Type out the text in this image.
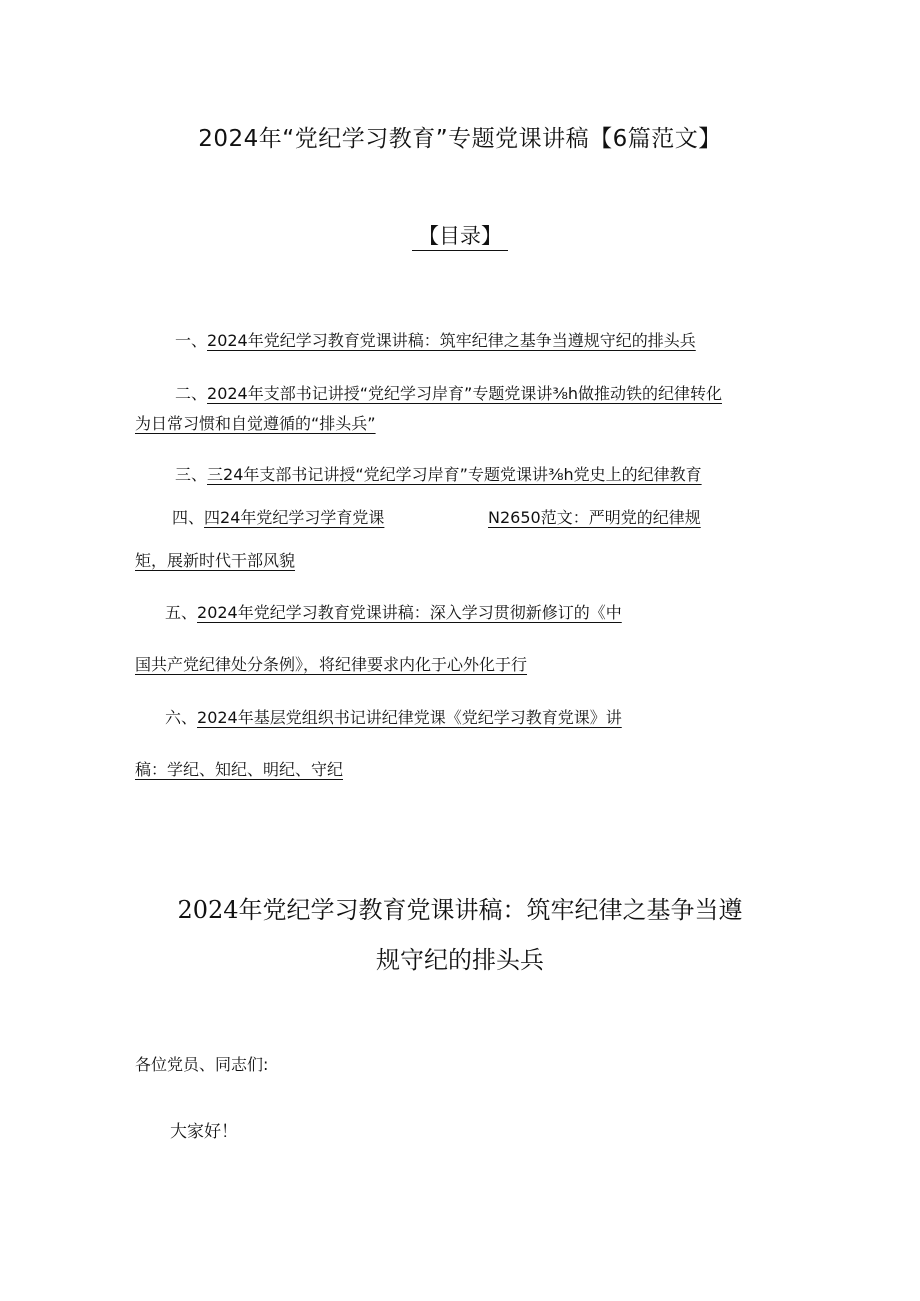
2024年“党纪学习教育”专题党课讲稿【6篇范文】
【目录】
一、2024年党纪学习教育党课讲稿：筑牢纪律之基争当遵规守纪的排头兵
二、2024年支部书记讲授“党纪学习岸育”专题党课讲⅜h做推动铁的纪律转化
为日常习惯和自觉遵循的“排头兵”
三、三24年支部书记讲授“党纪学习岸育”专题党课讲⅜h党史上的纪律教育
四、四24年党纪学习学育党课	N2650范文：严明党的纪律规
矩，展新时代干部风貌
五、2024年党纪学习教育党课讲稿：深入学习贯彻新修订的《中
国共产党纪律处分条例》，将纪律要求内化于心外化于行
六、2024年基层党组织书记讲纪律党课《党纪学习教育党课》讲
稿：学纪、知纪、明纪、守纪
2024年党纪学习教育党课讲稿：筑牢纪律之基争当遵
规守纪的排头兵
各位党员、同志们:
大家好！
